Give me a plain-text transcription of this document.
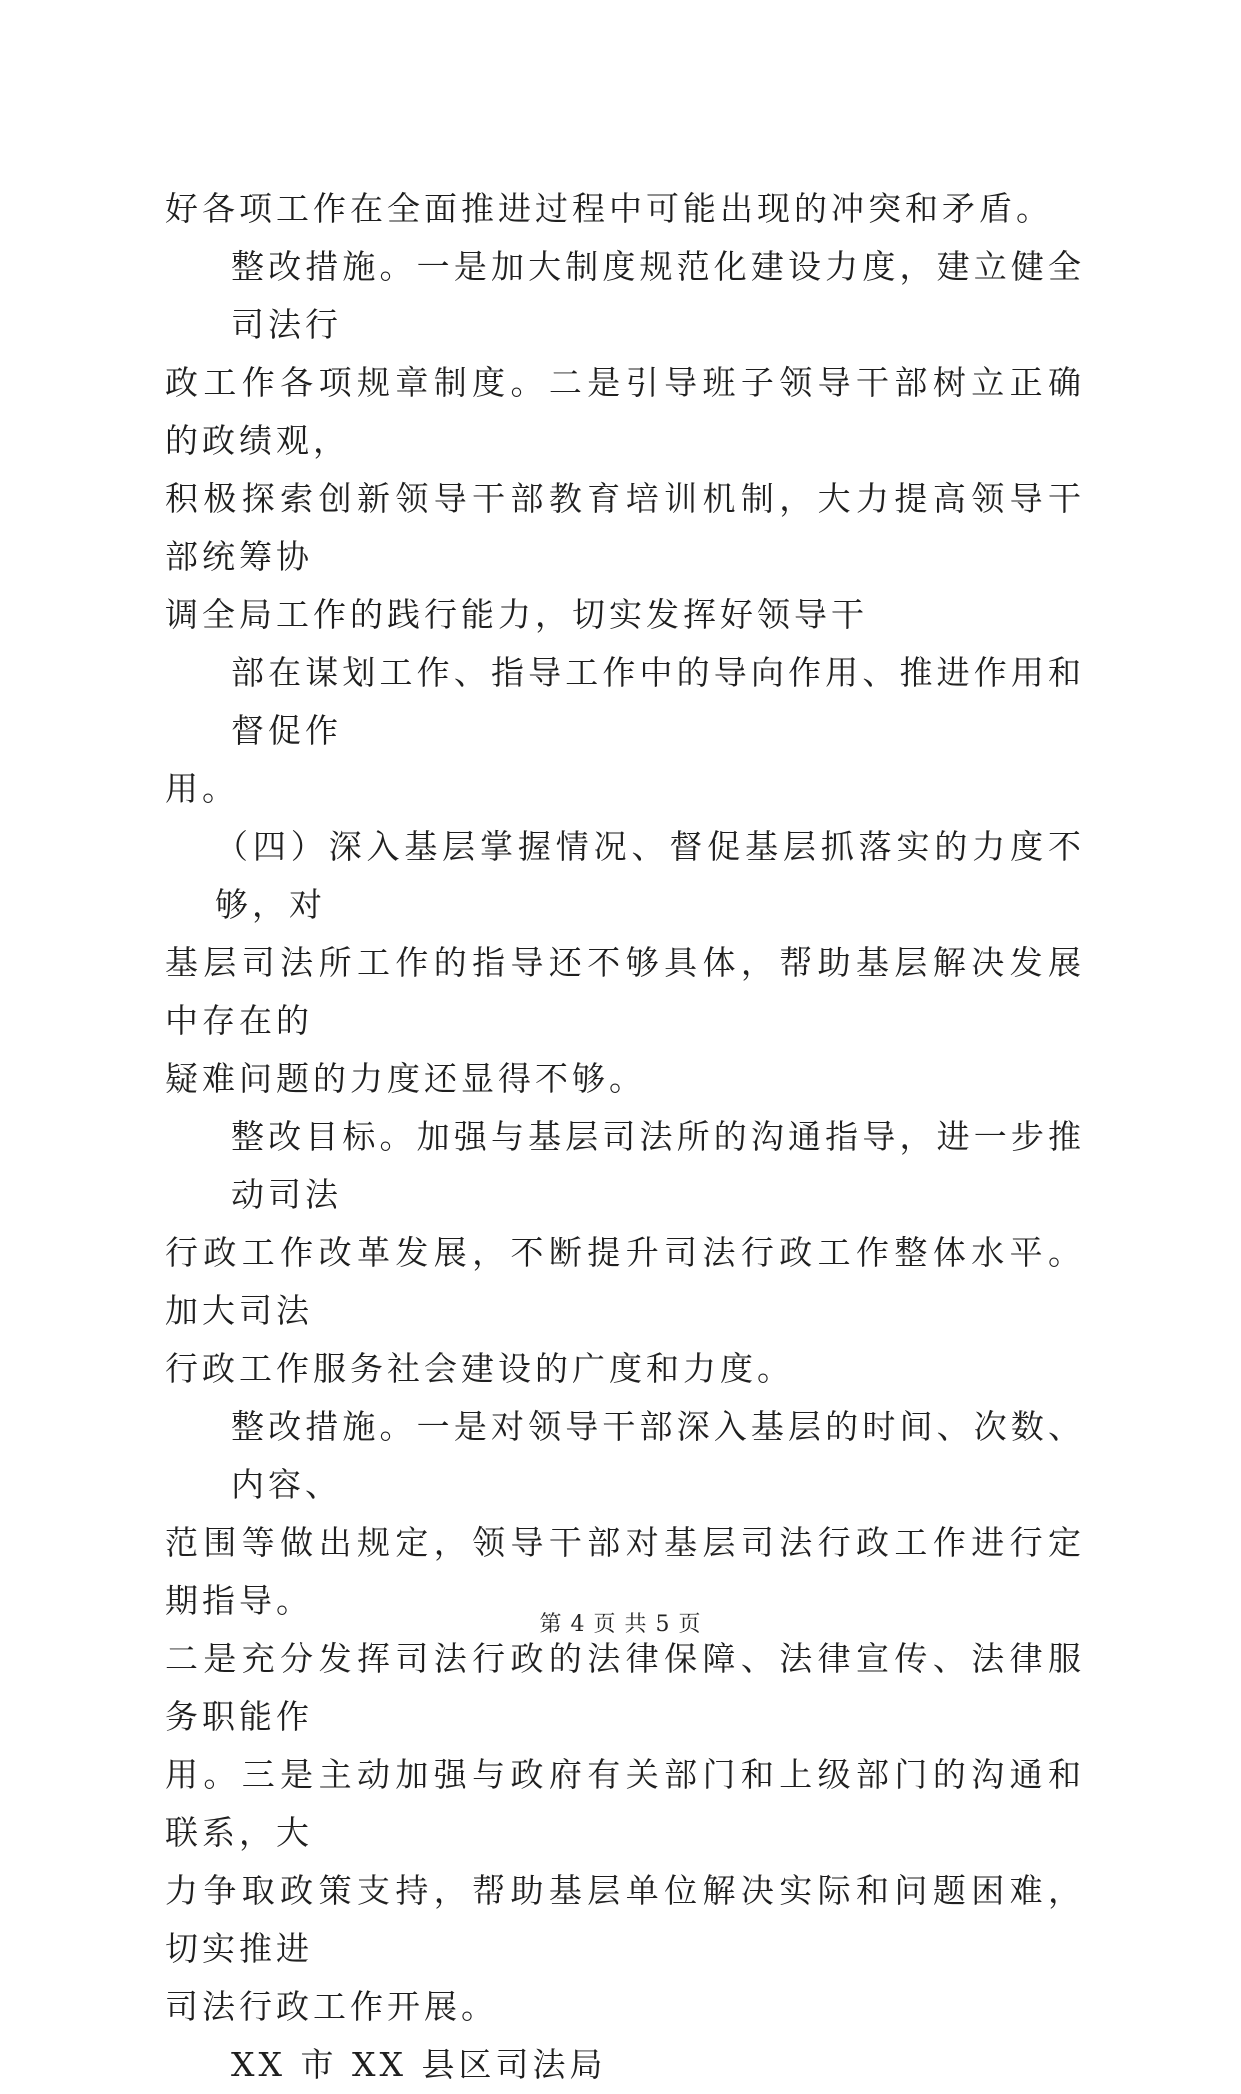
好各项工作在全面推进过程中可能出现的冲突和矛盾。

整改措施。一是加大制度规范化建设力度，建立健全司法行
政工作各项规章制度。二是引导班子领导干部树立正确的政绩观，
积极探索创新领导干部教育培训机制，大力提高领导干部统筹协
调全局工作的践行能力，切实发挥好领导干

部在谋划工作、指导工作中的导向作用、推进作用和督促作
用。

（四）深入基层掌握情况、督促基层抓落实的力度不够，对
基层司法所工作的指导还不够具体，帮助基层解决发展中存在的
疑难问题的力度还显得不够。

整改目标。加强与基层司法所的沟通指导，进一步推动司法
行政工作改革发展，不断提升司法行政工作整体水平。加大司法
行政工作服务社会建设的广度和力度。

整改措施。一是对领导干部深入基层的时间、次数、内容、
范围等做出规定，领导干部对基层司法行政工作进行定期指导。
二是充分发挥司法行政的法律保障、法律宣传、法律服务职能作
用。三是主动加强与政府有关部门和上级部门的沟通和联系，大
力争取政策支持，帮助基层单位解决实际和问题困难，切实推进
司法行政工作开展。

XX 市 XX 县区司法局

第 4 页 共 5 页
